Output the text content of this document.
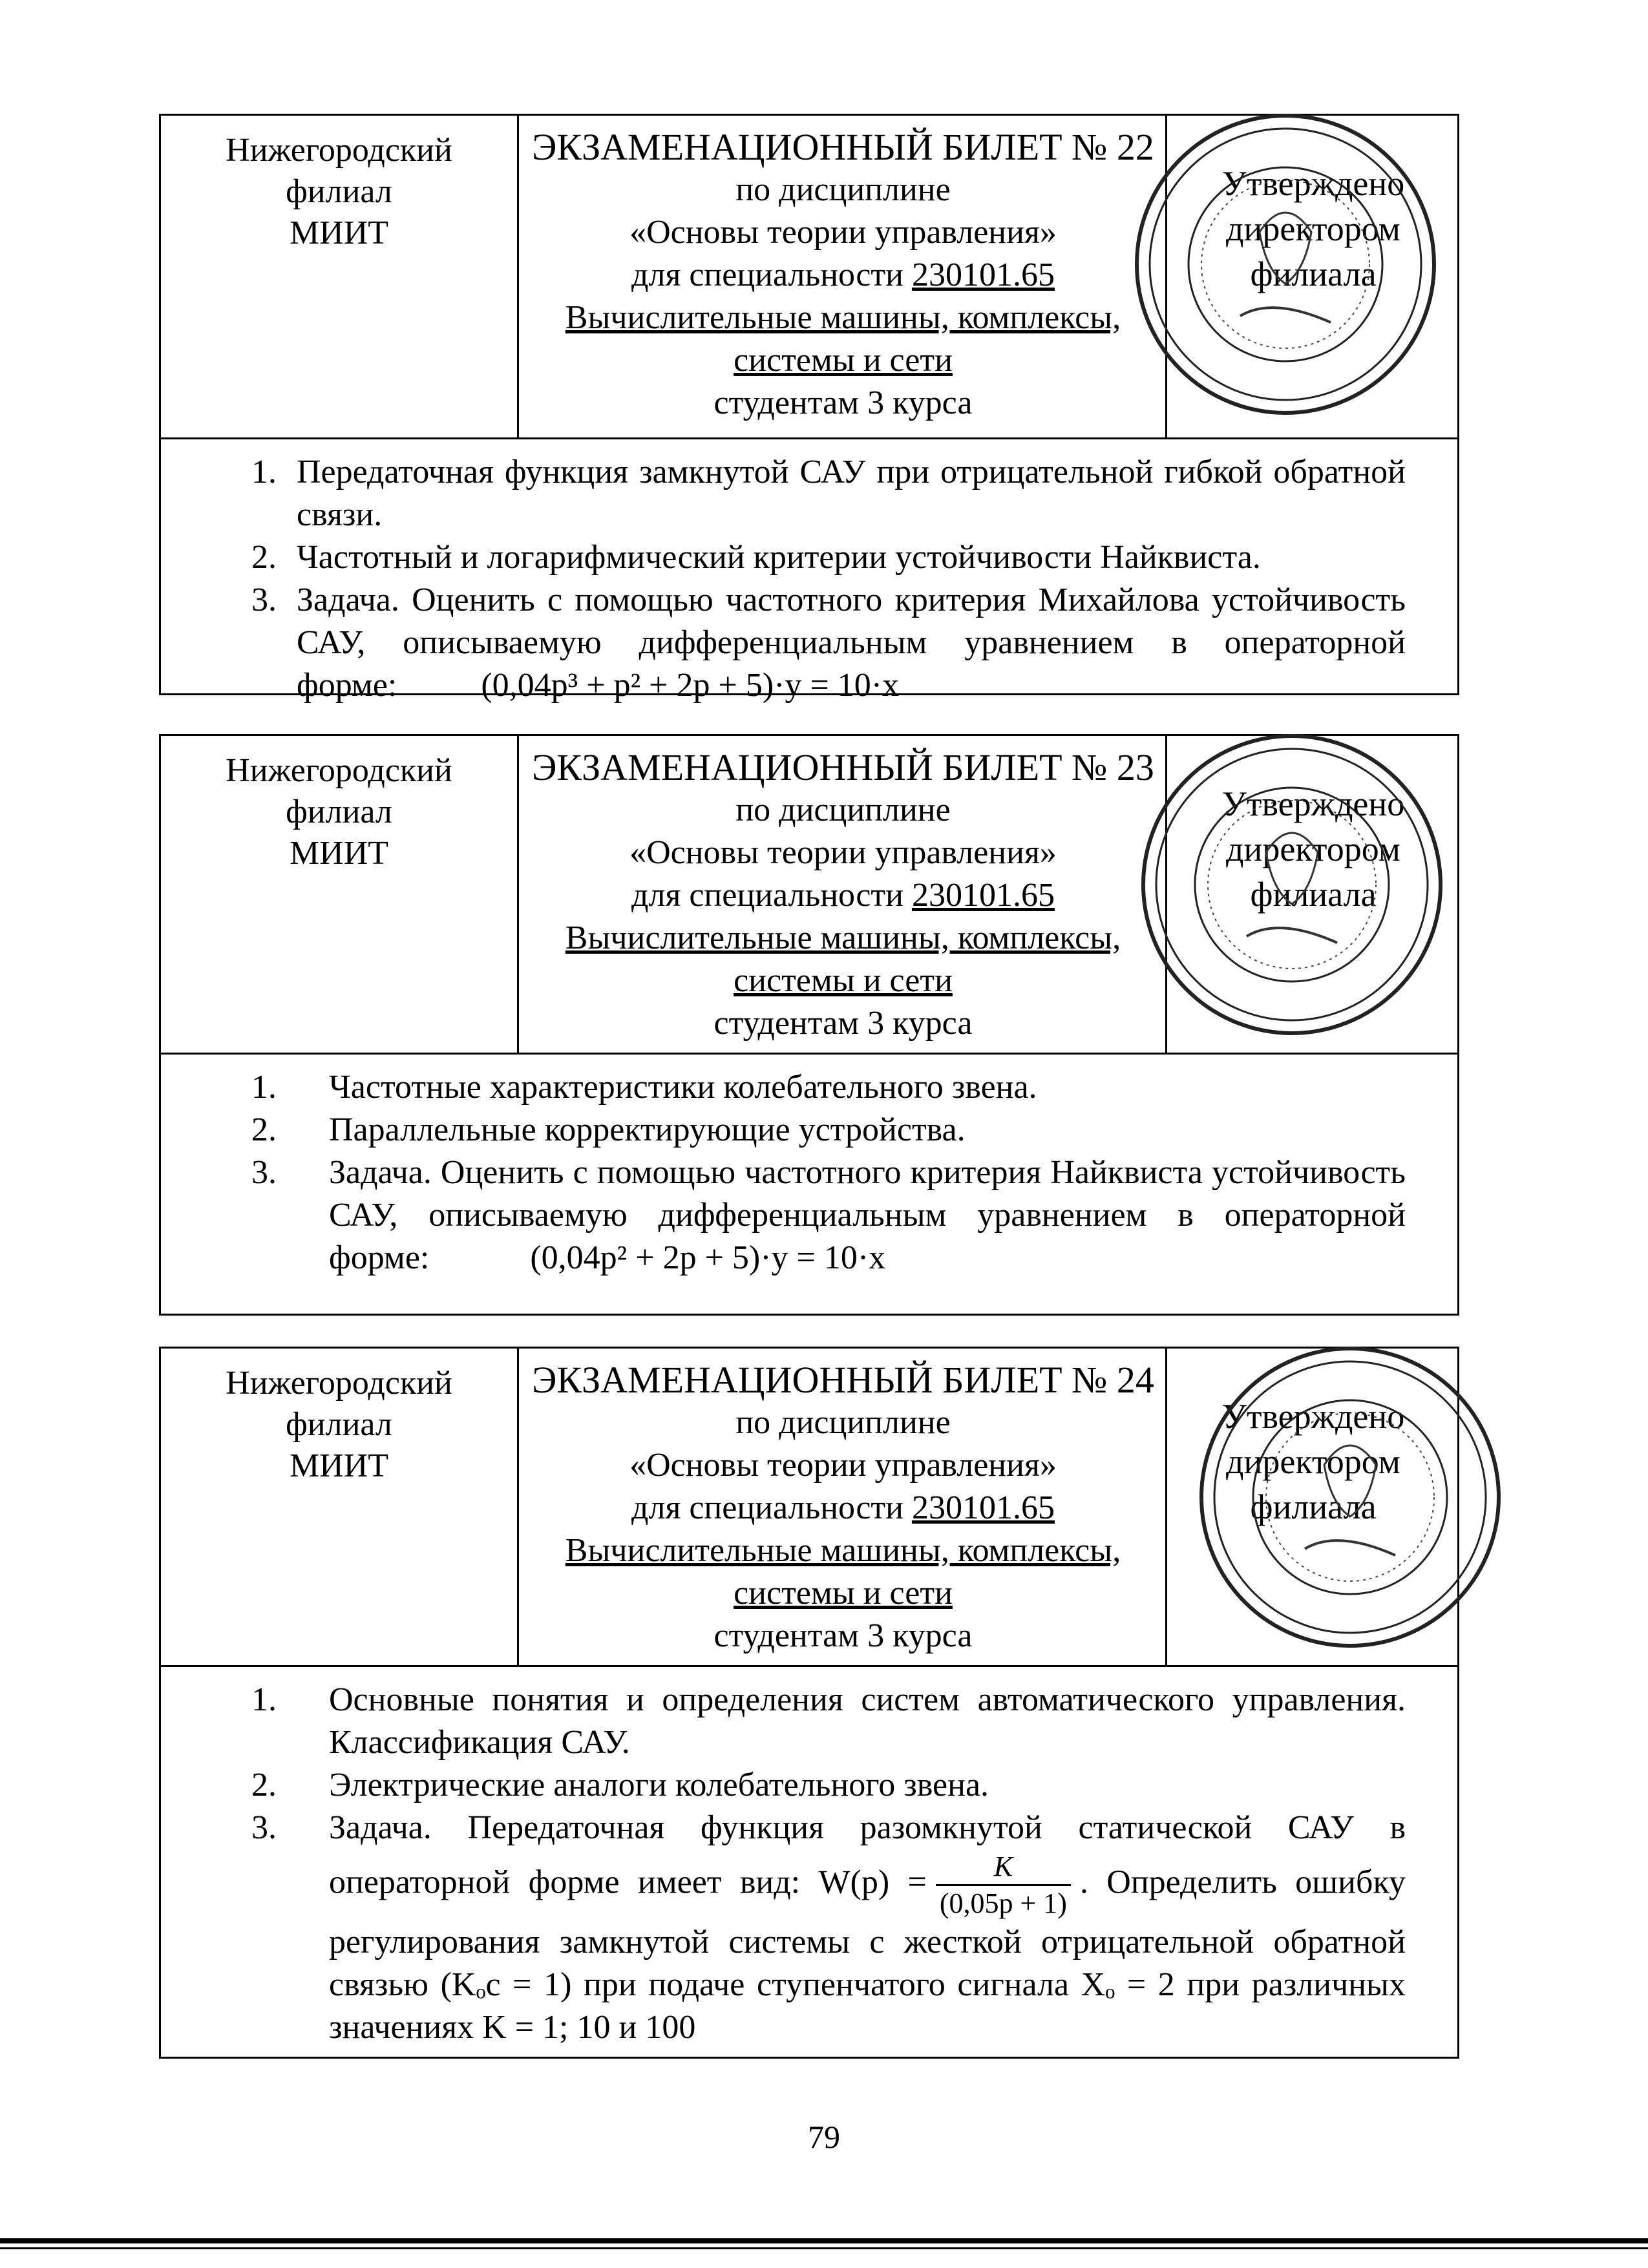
Нижегородский
филиал
МИИТ
ЭКЗАМЕНАЦИОННЫЙ БИЛЕТ № 22
по дисциплине
«Основы теории управления»
для специальности 230101.65
Вычислительные машины, комплексы,
системы и сети
студентам 3 курса
Утверждено
директором
филиала
1. Передаточная функция замкнутой САУ при отрицательной гибкой обратной связи.
2. Частотный и логарифмический критерии устойчивости Найквиста.
3. Задача. Оценить с помощью частотного критерия Михайлова устойчивость САУ, описываемую дифференциальным уравнением в операторной форме:	(0,04p³ + p² + 2p + 5)·y = 10·x
Нижегородский
филиал
МИИТ
ЭКЗАМЕНАЦИОННЫЙ БИЛЕТ № 23
по дисциплине
«Основы теории управления»
для специальности 230101.65
Вычислительные машины, комплексы,
системы и сети
студентам 3 курса
Утверждено
директором
филиала
1. Частотные характеристики колебательного звена.
2. Параллельные корректирующие устройства.
3. Задача. Оценить с помощью частотного критерия Найквиста устойчивость САУ, описываемую дифференциальным уравнением в операторной форме:	(0,04p² + 2p + 5)·y = 10·x
Нижегородский
филиал
МИИТ
ЭКЗАМЕНАЦИОННЫЙ БИЛЕТ № 24
по дисциплине
«Основы теории управления»
для специальности 230101.65
Вычислительные машины, комплексы,
системы и сети
студентам 3 курса
Утверждено
директором
филиала
1. Основные понятия и определения систем автоматического управления. Классификация САУ.
2. Электрические аналоги колебательного звена.
3. Задача. Передаточная функция разомкнутой статической САУ в операторной форме имеет вид: $W(p) = \frac{K}{(0,05p + 1)}$ . Определить ошибку регулирования замкнутой системы с жесткой отрицательной обратной связью (Kₒс = 1) при подаче ступенчатого сигнала Xₒ = 2 при различных значениях K = 1; 10 и 100
79
